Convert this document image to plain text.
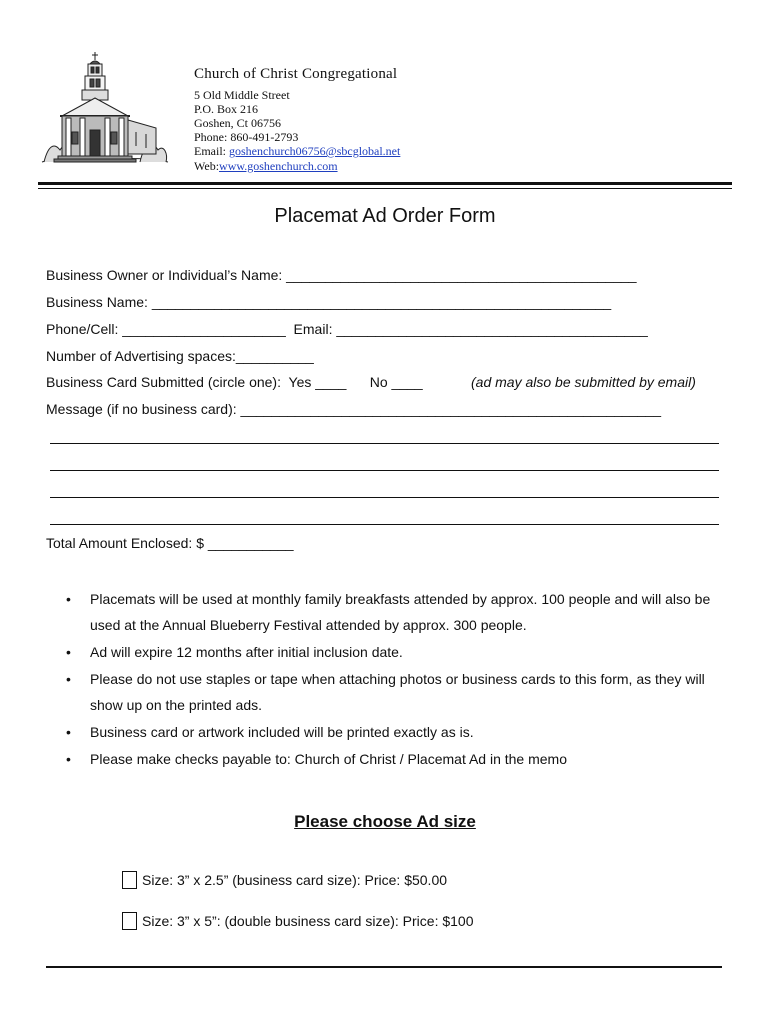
Church of Christ Congregational
5 Old Middle Street
P.O. Box 216
Goshen, Ct 06756
Phone: 860-491-2793
Email: goshenchurch06756@sbcglobal.net
Web:www.goshenchurch.com
Placemat Ad Order Form
Business Owner or Individual’s Name: _____________________________________________
Business Name: ___________________________________________________________
Phone/Cell: _____________________  Email: ________________________________________
Number of Advertising spaces:__________
Business Card Submitted (circle one):  Yes ____      No ____	(ad may also be submitted by email)
Message (if no business card): ______________________________________________________
Total Amount Enclosed: $ ___________
• Placemats will be used at monthly family breakfasts attended by approx. 100 people and will also be used at the Annual Blueberry Festival attended by approx. 300 people.
• Ad will expire 12 months after initial inclusion date.
• Please do not use staples or tape when attaching photos or business cards to this form, as they will show up on the printed ads.
• Business card or artwork included will be printed exactly as is.
• Please make checks payable to: Church of Christ / Placemat Ad in the memo
Please choose Ad size
Size: 3” x 2.5” (business card size): Price: $50.00
Size: 3” x 5”: (double business card size): Price: $100
